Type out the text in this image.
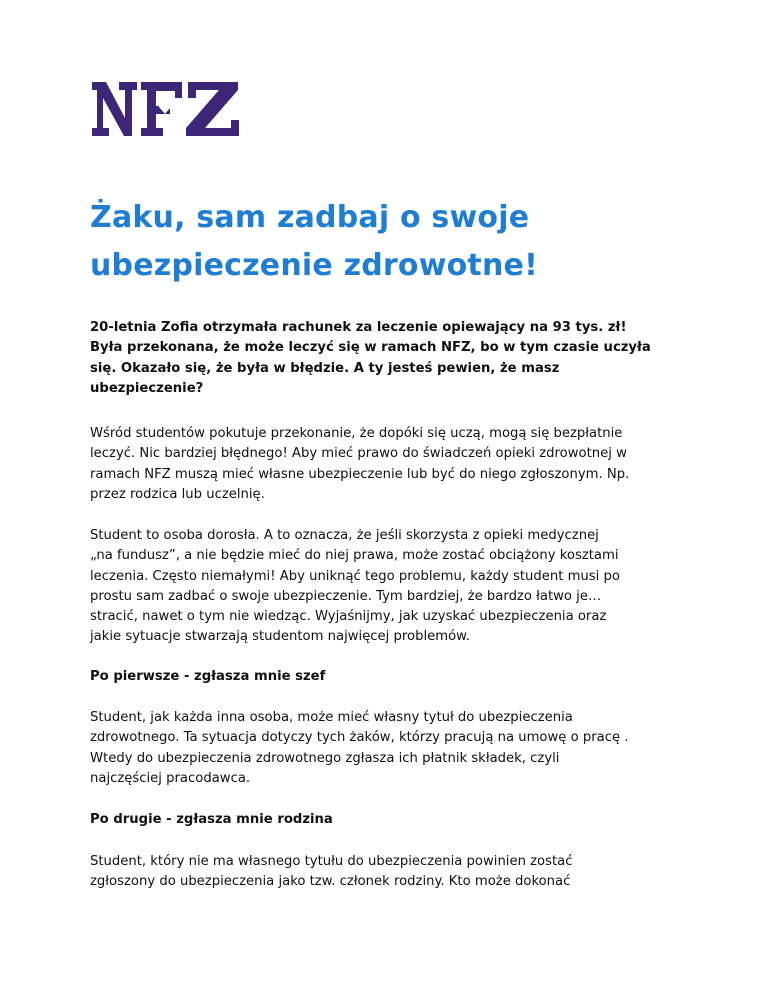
Żaku, sam zadbaj o swoje
ubezpieczenie zdrowotne!

20-letnia Zofia otrzymała rachunek za leczenie opiewający na 93 tys. zł!
Była przekonana, że może leczyć się w ramach NFZ, bo w tym czasie uczyła
się. Okazało się, że była w błędzie. A ty jesteś pewien, że masz
ubezpieczenie?

Wśród studentów pokutuje przekonanie, że dopóki się uczą, mogą się bezpłatnie
leczyć. Nic bardziej błędnego! Aby mieć prawo do świadczeń opieki zdrowotnej w
ramach NFZ muszą mieć własne ubezpieczenie lub być do niego zgłoszonym. Np.
przez rodzica lub uczelnię.

Student to osoba dorosła. A to oznacza, że jeśli skorzysta z opieki medycznej
„na fundusz”, a nie będzie mieć do niej prawa, może zostać obciążony kosztami
leczenia. Często niemałymi! Aby uniknąć tego problemu, każdy student musi po
prostu sam zadbać o swoje ubezpieczenie. Tym bardziej, że bardzo łatwo je…
stracić, nawet o tym nie wiedząc. Wyjaśnijmy, jak uzyskać ubezpieczenia oraz
jakie sytuacje stwarzają studentom najwięcej problemów.

Po pierwsze - zgłasza mnie szef

Student, jak każda inna osoba, może mieć własny tytuł do ubezpieczenia
zdrowotnego. Ta sytuacja dotyczy tych żaków, którzy pracują na umowę o pracę .
Wtedy do ubezpieczenia zdrowotnego zgłasza ich płatnik składek, czyli
najczęściej pracodawca.

Po drugie - zgłasza mnie rodzina

Student, który nie ma własnego tytułu do ubezpieczenia powinien zostać
zgłoszony do ubezpieczenia jako tzw. członek rodziny. Kto może dokonać
